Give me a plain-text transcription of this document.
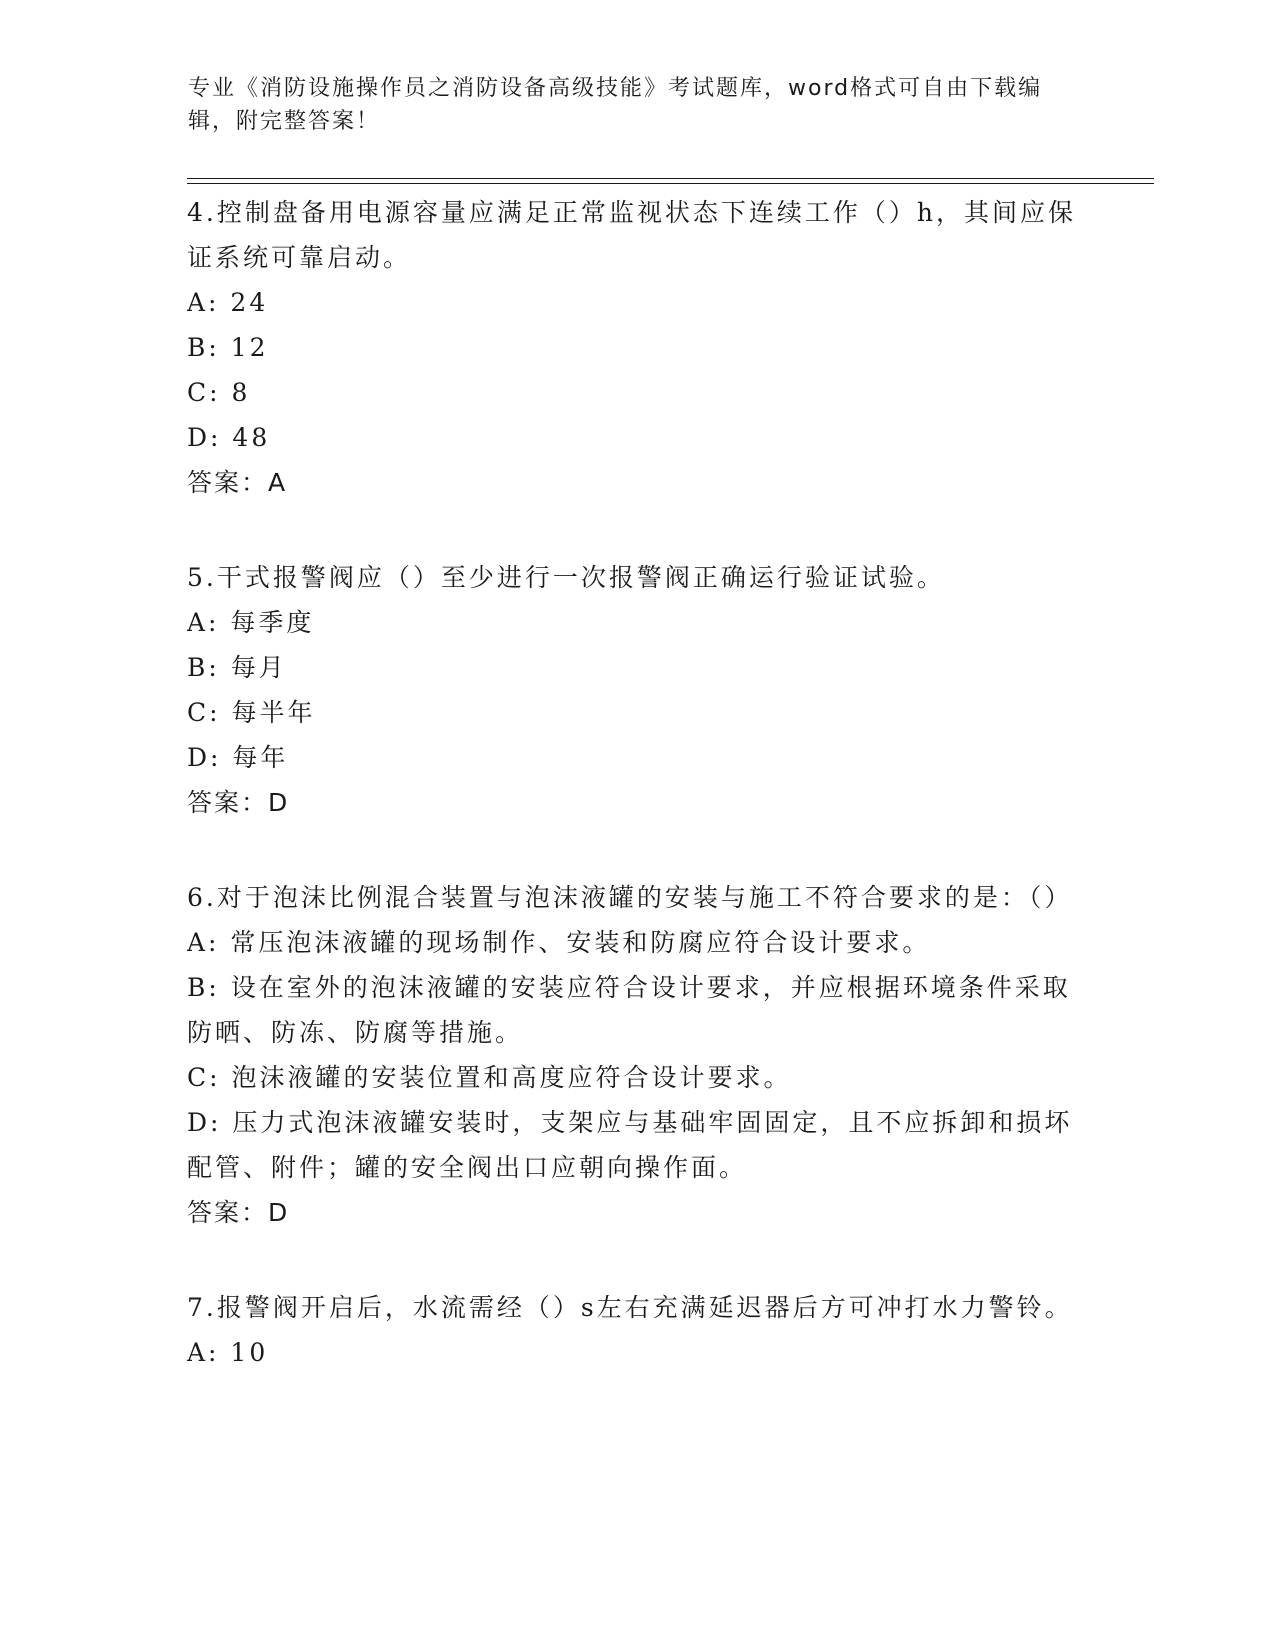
专业《消防设施操作员之消防设备高级技能》考试题库，word格式可自由下载编辑，附完整答案！

4.控制盘备用电源容量应满足正常监视状态下连续工作（）h，其间应保证系统可靠启动。

A: 24

B: 12

C: 8

D: 48

答案：A

5.干式报警阀应（）至少进行一次报警阀正确运行验证试验。

A: 每季度

B: 每月

C: 每半年

D: 每年

答案：D

6.对于泡沫比例混合装置与泡沫液罐的安装与施工不符合要求的是：（）

A: 常压泡沫液罐的现场制作、安装和防腐应符合设计要求。

B: 设在室外的泡沫液罐的安装应符合设计要求，并应根据环境条件采取防晒、防冻、防腐等措施。

C: 泡沫液罐的安装位置和高度应符合设计要求。

D: 压力式泡沫液罐安装时，支架应与基础牢固固定，且不应拆卸和损坏配管、附件；罐的安全阀出口应朝向操作面。

答案：D

7.报警阀开启后，水流需经（）s左右充满延迟器后方可冲打水力警铃。

A: 10
